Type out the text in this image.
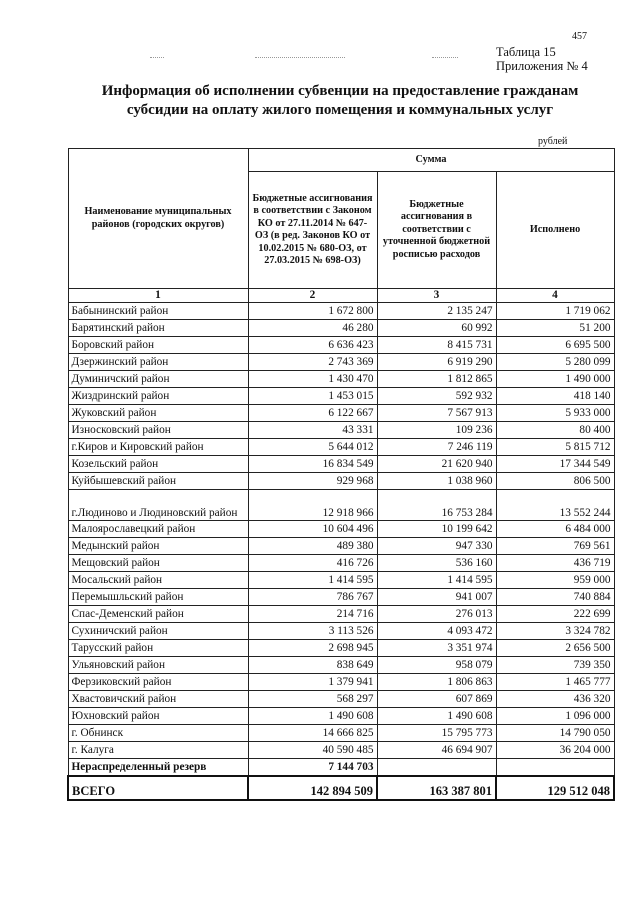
457
Таблица 15
Приложения № 4
Информация об исполнении субвенции на предоставление гражданам
субсидии на оплату жилого помещения и коммунальных услуг
рублей
Наименование муниципальных районов (городских округов)	Сумма		
	Бюджетные ассигнования в соответствии с Законом КО от 27.11.2014 № 647-ОЗ (в ред. Законов КО от 10.02.2015 № 680-ОЗ, от 27.03.2015 № 698-ОЗ)	Бюджетные ассигнования в соответствии с уточненной бюджетной росписью расходов	Исполнено
1	2	3	4
Бабынинский район	1 672 800	2 135 247	1 719 062
Барятинский район	46 280	60 992	51 200
Боровский район	6 636 423	8 415 731	6 695 500
Дзержинский район	2 743 369	6 919 290	5 280 099
Думиничский район	1 430 470	1 812 865	1 490 000
Жиздринский район	1 453 015	592 932	418 140
Жуковский район	6 122 667	7 567 913	5 933 000
Износковский район	43 331	109 236	80 400
г.Киров и Кировский район	5 644 012	7 246 119	5 815 712
Козельский район	16 834 549	21 620 940	17 344 549
Куйбышевский район	929 968	1 038 960	806 500
г.Людиново и Людиновский район	12 918 966	16 753 284	13 552 244
Малоярославецкий район	10 604 496	10 199 642	6 484 000
Медынский район	489 380	947 330	769 561
Мещовский район	416 726	536 160	436 719
Мосальский район	1 414 595	1 414 595	959 000
Перемышльский район	786 767	941 007	740 884
Спас-Деменский район	214 716	276 013	222 699
Сухиничский район	3 113 526	4 093 472	3 324 782
Тарусский район	2 698 945	3 351 974	2 656 500
Ульяновский район	838 649	958 079	739 350
Ферзиковский район	1 379 941	1 806 863	1 465 777
Хвастовичский район	568 297	607 869	436 320
Юхновский район	1 490 608	1 490 608	1 096 000
г. Обнинск	14 666 825	15 795 773	14 790 050
г. Калуга	40 590 485	46 694 907	36 204 000
Нераспределенный резерв	7 144 703		
ВСЕГО	142 894 509	163 387 801	129 512 048
